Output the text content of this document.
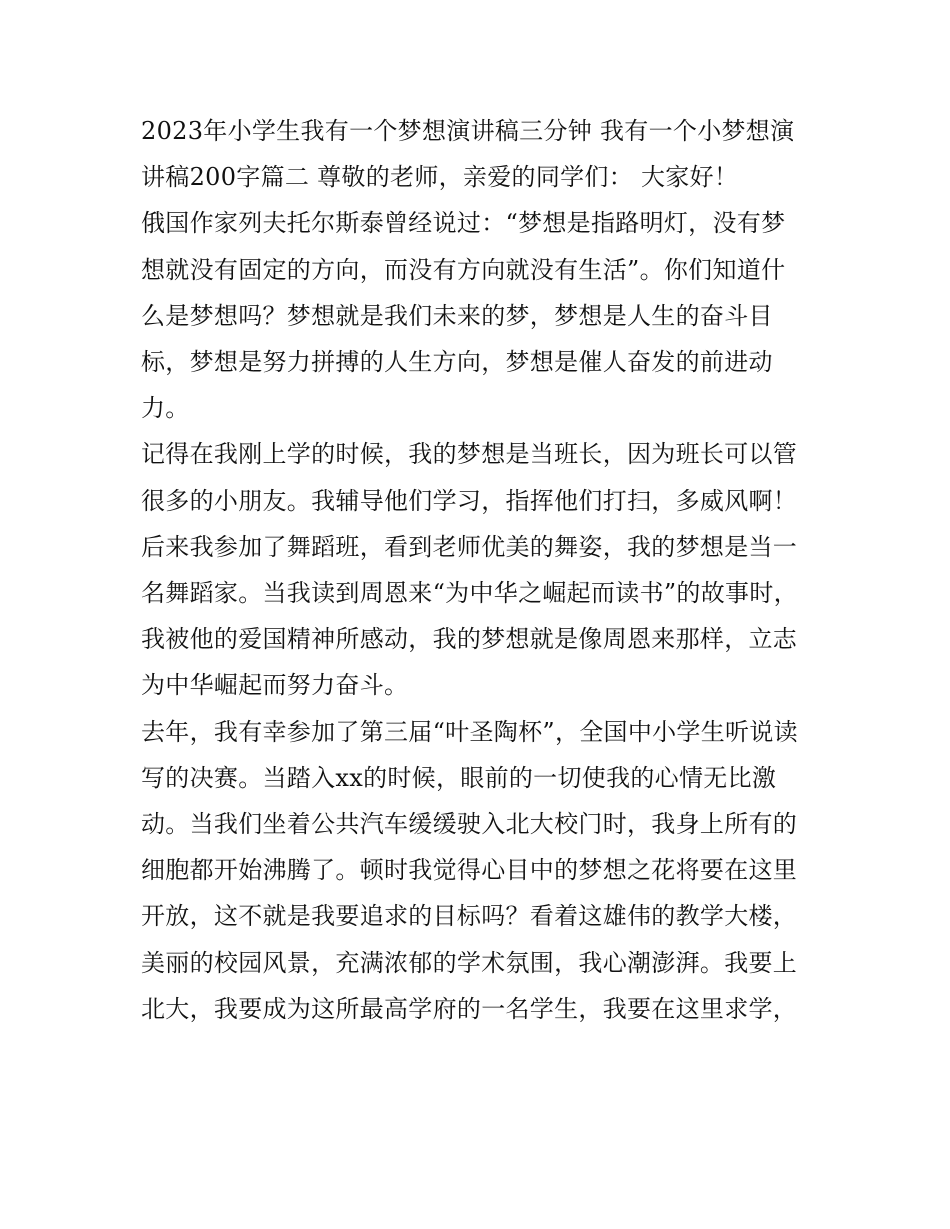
2023年小学生我有一个梦想演讲稿三分钟 我有一个小梦想演

讲稿200字篇二 尊敬的老师，亲爱的同学们： 大家好！

俄国作家列夫托尔斯泰曾经说过：“梦想是指路明灯，没有梦

想就没有固定的方向，而没有方向就没有生活”。你们知道什

么是梦想吗？梦想就是我们未来的梦，梦想是人生的奋斗目

标，梦想是努力拼搏的人生方向，梦想是催人奋发的前进动

力。

记得在我刚上学的时候，我的梦想是当班长，因为班长可以管

很多的小朋友。我辅导他们学习，指挥他们打扫，多威风啊！

后来我参加了舞蹈班，看到老师优美的舞姿，我的梦想是当一

名舞蹈家。当我读到周恩来“为中华之崛起而读书”的故事时，

我被他的爱国精神所感动，我的梦想就是像周恩来那样，立志

为中华崛起而努力奋斗。

去年，我有幸参加了第三届“叶圣陶杯”，全国中小学生听说读

写的决赛。当踏入xx的时候，眼前的一切使我的心情无比激

动。当我们坐着公共汽车缓缓驶入北大校门时，我身上所有的

细胞都开始沸腾了。顿时我觉得心目中的梦想之花将要在这里

开放，这不就是我要追求的目标吗？看着这雄伟的教学大楼，

美丽的校园风景，充满浓郁的学术氛围，我心潮澎湃。我要上

北大，我要成为这所最高学府的一名学生，我要在这里求学，
